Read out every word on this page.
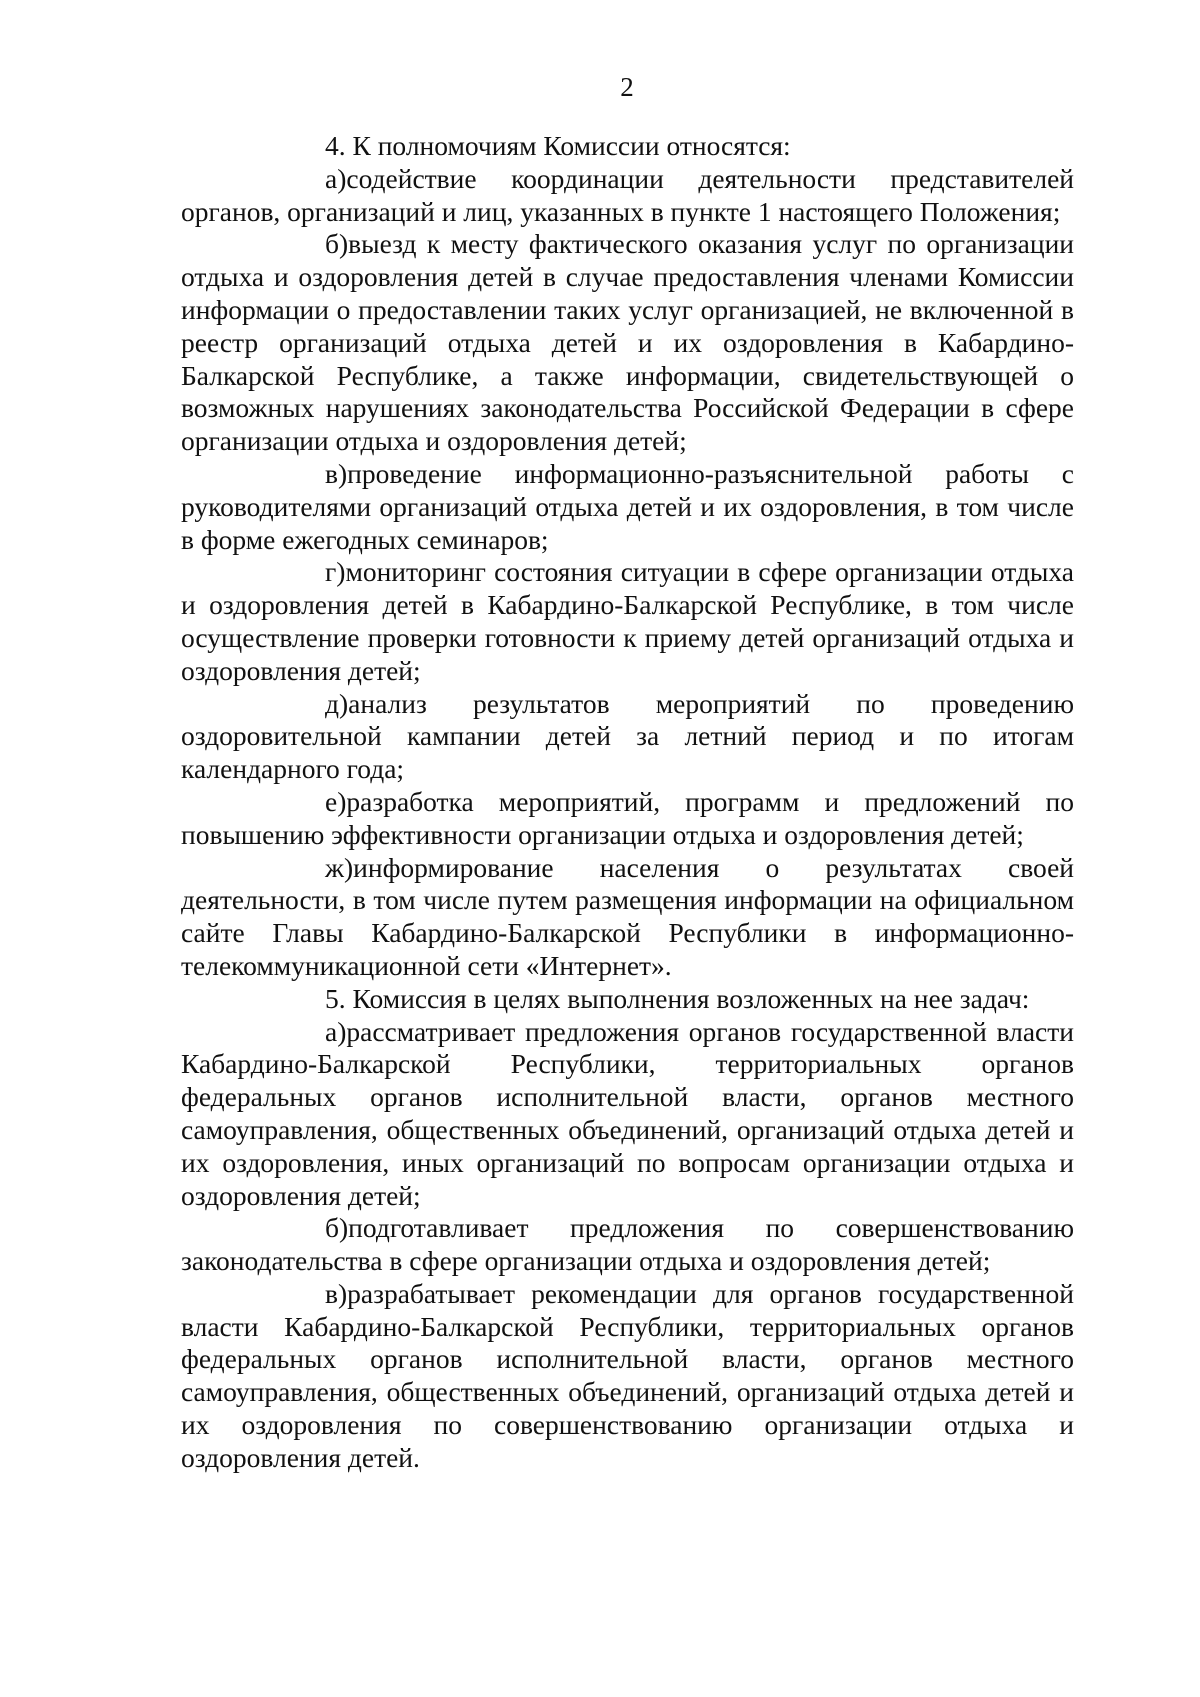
2

4. К полномочиям Комиссии относятся:

а)содействие координации деятельности представителей органов, организаций и лиц, указанных в пункте 1 настоящего Положения;

б)выезд к месту фактического оказания услуг по организации отдыха и оздоровления детей в случае предоставления членами Комиссии информации о предоставлении таких услуг организацией, не включенной в реестр организаций отдыха детей и их оздоровления в Кабардино-Балкарской Республике, а также информации, свидетельствующей о возможных нарушениях законодательства Российской Федерации в сфере организации отдыха и оздоровления детей;

в)проведение информационно-разъяснительной работы с руководителями организаций отдыха детей и их оздоровления, в том числе в форме ежегодных семинаров;

г)мониторинг состояния ситуации в сфере организации отдыха и оздоровления детей в Кабардино-Балкарской Республике, в том числе осуществление проверки готовности к приему детей организаций отдыха и оздоровления детей;

д)анализ результатов мероприятий по проведению оздоровительной кампании детей за летний период и по итогам календарного года;

е)разработка мероприятий, программ и предложений по повышению эффективности организации отдыха и оздоровления детей;

ж)информирование населения о результатах своей деятельности, в том числе путем размещения информации на официальном сайте Главы Кабардино-Балкарской Республики в информационно-телекоммуникационной сети «Интернет».

5. Комиссия в целях выполнения возложенных на нее задач:

а)рассматривает предложения органов государственной власти Кабардино-Балкарской Республики, территориальных органов федеральных органов исполнительной власти, органов местного самоуправления, общественных объединений, организаций отдыха детей и их оздоровления, иных организаций по вопросам организации отдыха и оздоровления детей;

б)подготавливает предложения по совершенствованию законодательства в сфере организации отдыха и оздоровления детей;

в)разрабатывает рекомендации для органов государственной власти Кабардино-Балкарской Республики, территориальных органов федеральных органов исполнительной власти, органов местного самоуправления, общественных объединений, организаций отдыха детей и их оздоровления по совершенствованию организации отдыха и оздоровления детей.
